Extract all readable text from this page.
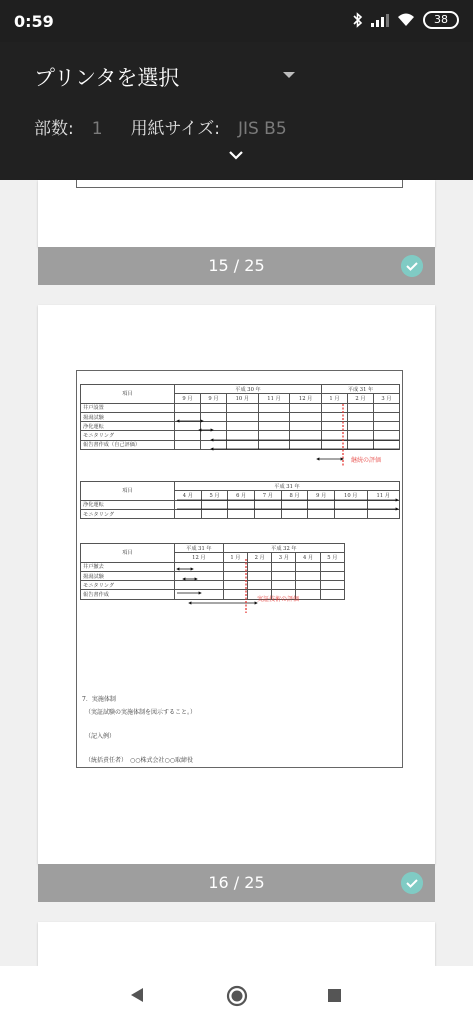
0:59	38
プリンタを選択
部数: 1 用紙サイズ: JIS B5
15 / 25
項目	平成 30 年					平成 31 年		
	9 月	9 月	10 月	11 月	12 月	1 月	2 月	3 月
井戸設置								
揚湯試験								
浄化運転								
モニタリング								
報告書作成（自己評価）								
継続の評価
項目	平成 31 年							
	4 月	5 月	6 月	7 月	8 月	9 月	10 月	11 月
浄化運転								
モニタリング								
項目	平成 31 年	平成 32 年				
	12 月	1 月	2 月	3 月	4 月	5 月
井戸撤去						
揚湯試験						
モニタリング						
報告書作成						
実証技術の評価
7．実施体制
（実証試験の実施体制を図示すること。）
（記入例）
（統括責任者）　○○株式会社○○取締役
16 / 25
